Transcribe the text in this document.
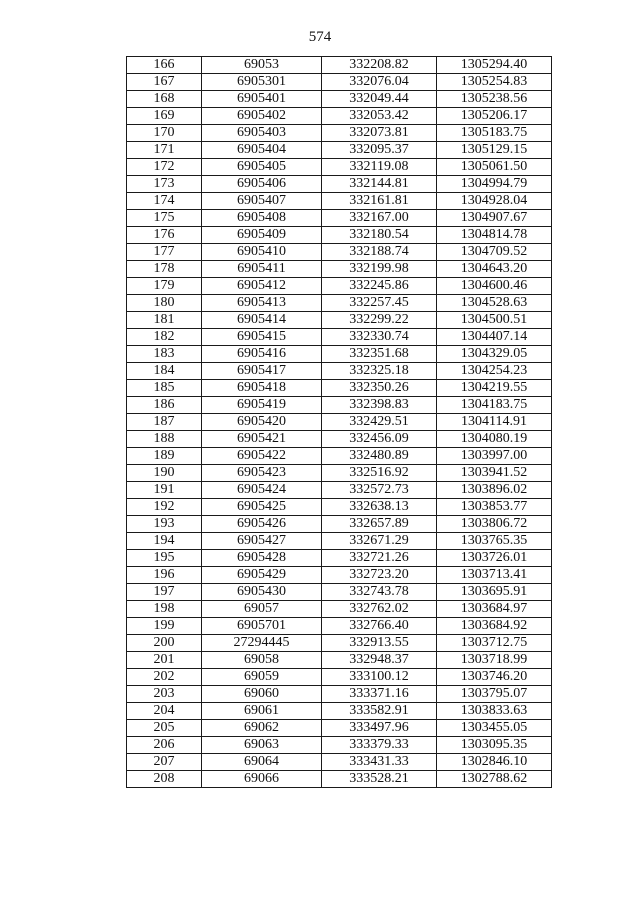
574
166	69053	332208.82	1305294.40
167	6905301	332076.04	1305254.83
168	6905401	332049.44	1305238.56
169	6905402	332053.42	1305206.17
170	6905403	332073.81	1305183.75
171	6905404	332095.37	1305129.15
172	6905405	332119.08	1305061.50
173	6905406	332144.81	1304994.79
174	6905407	332161.81	1304928.04
175	6905408	332167.00	1304907.67
176	6905409	332180.54	1304814.78
177	6905410	332188.74	1304709.52
178	6905411	332199.98	1304643.20
179	6905412	332245.86	1304600.46
180	6905413	332257.45	1304528.63
181	6905414	332299.22	1304500.51
182	6905415	332330.74	1304407.14
183	6905416	332351.68	1304329.05
184	6905417	332325.18	1304254.23
185	6905418	332350.26	1304219.55
186	6905419	332398.83	1304183.75
187	6905420	332429.51	1304114.91
188	6905421	332456.09	1304080.19
189	6905422	332480.89	1303997.00
190	6905423	332516.92	1303941.52
191	6905424	332572.73	1303896.02
192	6905425	332638.13	1303853.77
193	6905426	332657.89	1303806.72
194	6905427	332671.29	1303765.35
195	6905428	332721.26	1303726.01
196	6905429	332723.20	1303713.41
197	6905430	332743.78	1303695.91
198	69057	332762.02	1303684.97
199	6905701	332766.40	1303684.92
200	27294445	332913.55	1303712.75
201	69058	332948.37	1303718.99
202	69059	333100.12	1303746.20
203	69060	333371.16	1303795.07
204	69061	333582.91	1303833.63
205	69062	333497.96	1303455.05
206	69063	333379.33	1303095.35
207	69064	333431.33	1302846.10
208	69066	333528.21	1302788.62
